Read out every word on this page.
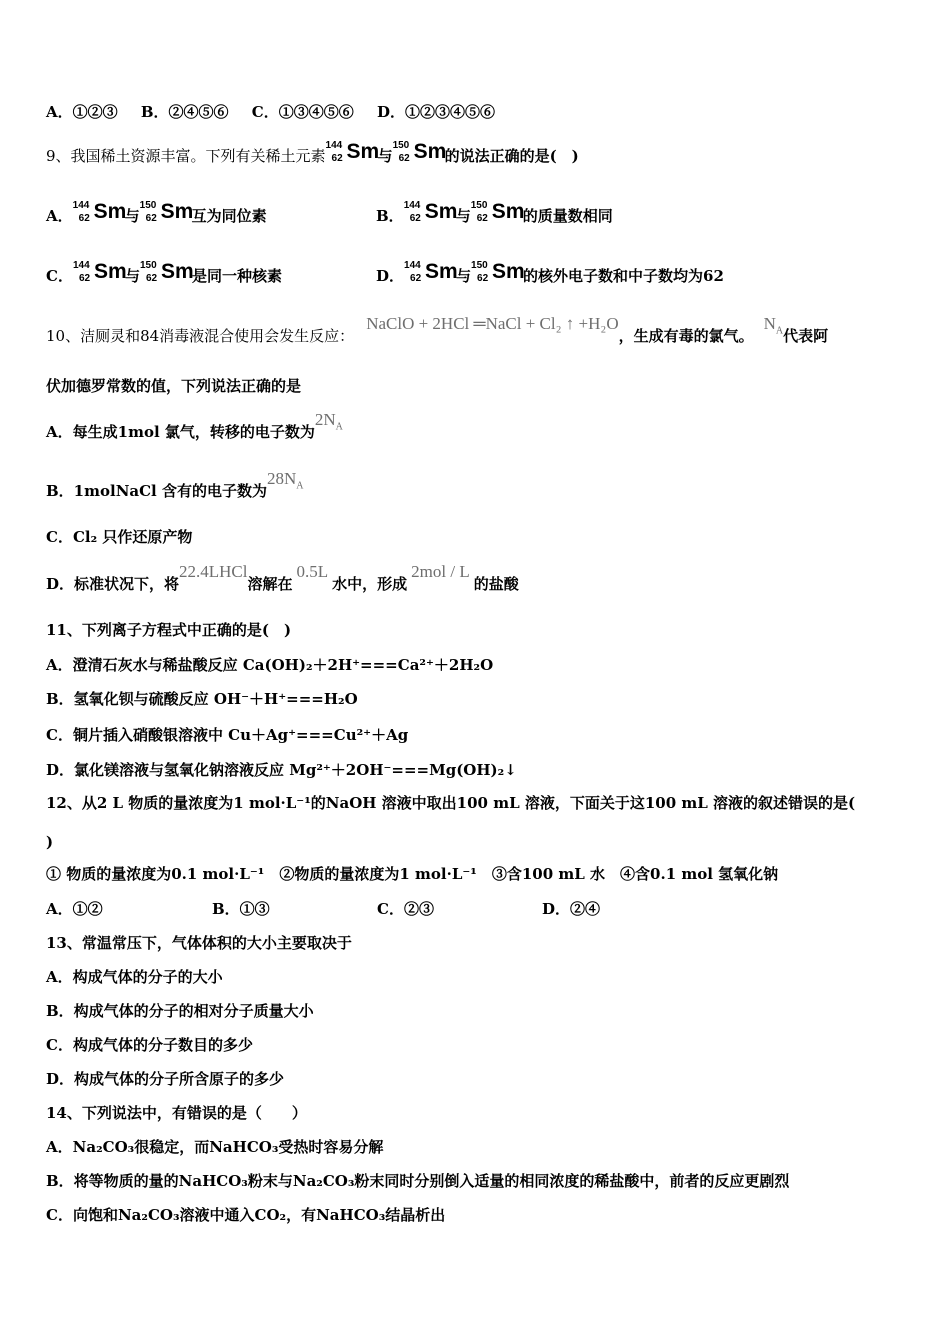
A．①②③ B．②④⑤⑥ C．①③④⑤⑥ D．①②③④⑤⑥
9、我国稀土资源丰富。下列有关稀土元素
144
62 Sm
与
150
62 Sm
的说法正确的是(　)
A．
144
62 Sm
与
150
62 Sm
互为同位素	B．
144
62 Sm
与
150
62 Sm
的质量数相同
C．
144
62 Sm
与
150
62 Sm
是同一种核素	D．
144
62 Sm
与
150
62 Sm
的核外电子数和中子数均为62
10、洁厕灵和84消毒液混合使用会发生反应：NaClO + 2HCl ═NaCl + Cl₂ ↑ +H₂O，生成有毒的氯气。$N_A$代表阿
伏加德罗常数的值，下列说法正确的是
A．每生成1mol 氯气，转移的电子数为$2N_A$
B．1molNaCl 含有的电子数为$28N_A$
C．Cl₂ 只作还原产物
D．标准状况下，将22.4LHCl溶解在0.5L水中，形成2mol / L的盐酸
11、下列离子方程式中正确的是(　)
A．澄清石灰水与稀盐酸反应 Ca(OH)₂＋2H⁺===Ca²⁺＋2H₂O
B．氢氧化钡与硫酸反应 OH⁻＋H⁺===H₂O
C．铜片插入硝酸银溶液中 Cu＋Ag⁺===Cu²⁺＋Ag
D．氯化镁溶液与氢氧化钠溶液反应 Mg²⁺＋2OH⁻===Mg(OH)₂↓
12、从2 L 物质的量浓度为1 mol·L⁻¹的NaOH 溶液中取出100 mL 溶液，下面关于这100 mL 溶液的叙述错误的是(
)
① 物质的量浓度为0.1 mol·L⁻¹　②物质的量浓度为1 mol·L⁻¹　③含100 mL 水　④含0.1 mol 氢氧化钠
A．①②	B．①③	C．②③	D．②④
13、常温常压下，气体体积的大小主要取决于
A．构成气体的分子的大小
B．构成气体的分子的相对分子质量大小
C．构成气体的分子数目的多少
D．构成气体的分子所含原子的多少
14、下列说法中，有错误的是（　　）
A．Na₂CO₃很稳定，而NaHCO₃受热时容易分解
B．将等物质的量的NaHCO₃粉末与Na₂CO₃粉末同时分别倒入适量的相同浓度的稀盐酸中，前者的反应更剧烈
C．向饱和Na₂CO₃溶液中通入CO₂，有NaHCO₃结晶析出
